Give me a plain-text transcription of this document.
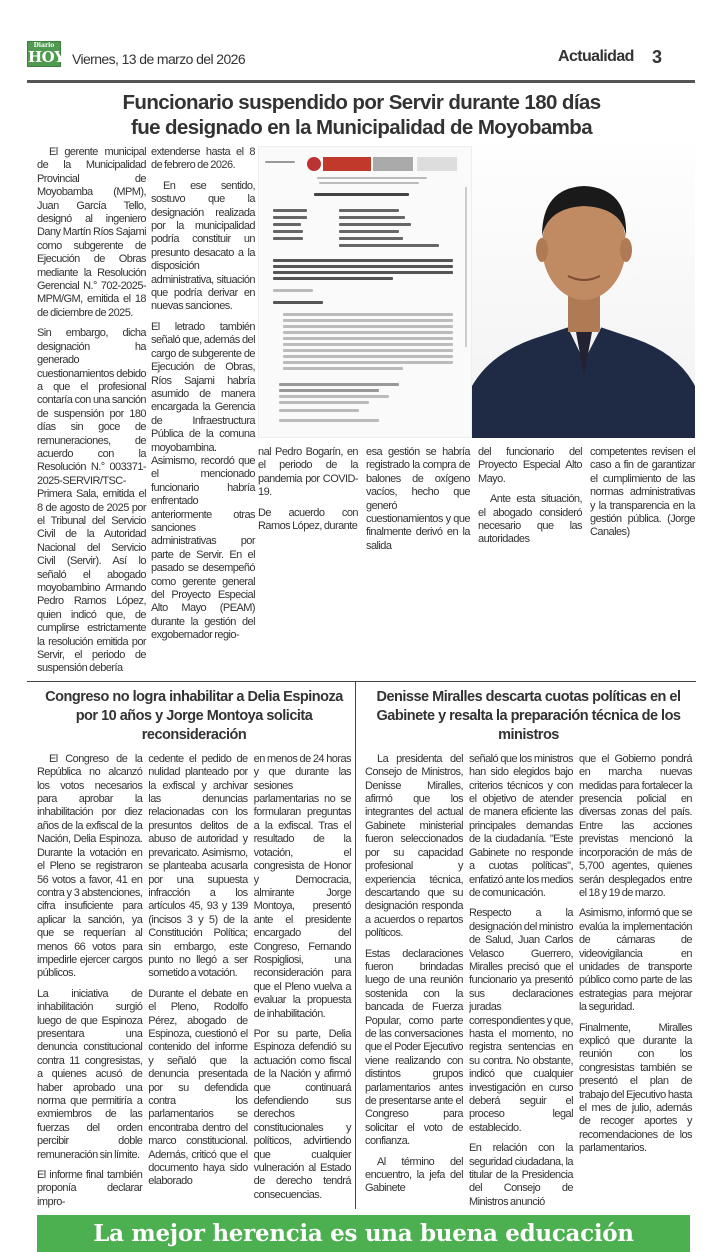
Diario
HOY Viernes, 13 de marzo del 2026	Actualidad 3
Funcionario suspendido por Servir durante 180 días
fue designado en la Municipalidad de Moyobamba

El gerente municipal de la Municipalidad Provincial de Moyobamba (MPM), Juan García Tello, designó al ingeniero Dany Martín Ríos Sajami como subgerente de Ejecución de Obras mediante la Resolución Gerencial N.° 702-2025-MPM/GM, emitida el 18 de diciembre de 2025.

Sin embargo, dicha designación ha generado cuestionamientos debido a que el profesional contaría con una sanción de suspensión por 180 días sin goce de remuneraciones, de acuerdo con la Resolución N.° 003371-2025-SERVIR/TSC-Primera Sala, emitida el 8 de agosto de 2025 por el Tribunal del Servicio Civil de la Autoridad Nacional del Servicio Civil (Servir). Así lo señaló el abogado moyobambino Armando Pedro Ramos López, quien indicó que, de cumplirse estrictamente la resolución emitida por Servir, el periodo de suspensión debería

extenderse hasta el 8 de febrero de 2026.

En ese sentido, sostuvo que la designación realizada por la municipalidad podría constituir un presunto desacato a la disposición administrativa, situación que podría derivar en nuevas sanciones.

El letrado también señaló que, además del cargo de subgerente de Ejecución de Obras, Ríos Sajami habría asumido de manera encargada la Gerencia de Infraestructura Pública de la comuna moyobambina. Asimismo, recordó que el mencionado funcionario habría enfrentado anteriormente otras sanciones administrativas por parte de Servir. En el pasado se desempeñó como gerente general del Proyecto Especial Alto Mayo (PEAM) durante la gestión del exgobernador regio-

nal Pedro Bogarín, en el periodo de la pandemia por COVID-19.

De acuerdo con Ramos López, durante

esa gestión se habría registrado la compra de balones de oxígeno vacíos, hecho que generó cuestionamientos y que finalmente derivó en la salida

del funcionario del Proyecto Especial Alto Mayo.

Ante esta situación, el abogado consideró necesario que las autoridades

competentes revisen el caso a fin de garantizar el cumplimiento de las normas administrativas y la transparencia en la gestión pública. (Jorge Canales)

Congreso no logra inhabilitar a Delia Espinoza
por 10 años y Jorge Montoya solicita reconsideración

El Congreso de la República no alcanzó los votos necesarios para aprobar la inhabilitación por diez años de la exfiscal de la Nación, Delia Espinoza. Durante la votación en el Pleno se registraron 56 votos a favor, 41 en contra y 3 abstenciones, cifra insuficiente para aplicar la sanción, ya que se requerían al menos 66 votos para impedirle ejercer cargos públicos.

La iniciativa de inhabilitación surgió luego de que Espinoza presentara una denuncia constitucional contra 11 congresistas, a quienes acusó de haber aprobado una norma que permitiría a exmiembros de las fuerzas del orden percibir doble remuneración sin límite.

El informe final también proponía declarar impro-

cedente el pedido de nulidad planteado por la exfiscal y archivar las denuncias relacionadas con los presuntos delitos de abuso de autoridad y prevaricato. Asimismo, se planteaba acusarla por una supuesta infracción a los artículos 45, 93 y 139 (incisos 3 y 5) de la Constitución Política; sin embargo, este punto no llegó a ser sometido a votación.

Durante el debate en el Pleno, Rodolfo Pérez, abogado de Espinoza, cuestionó el contenido del informe y señaló que la denuncia presentada por su defendida contra los parlamentarios se encontraba dentro del marco constitucional. Además, criticó que el documento haya sido elaborado

en menos de 24 horas y que durante las sesiones parlamentarias no se formularan preguntas a la exfiscal. Tras el resultado de la votación, el congresista de Honor y Democracia, almirante Jorge Montoya, presentó ante el presidente encargado del Congreso, Fernando Rospigliosi, una reconsideración para que el Pleno vuelva a evaluar la propuesta de inhabilitación.

Por su parte, Delia Espinoza defendió su actuación como fiscal de la Nación y afirmó que continuará defendiendo sus derechos constitucionales y políticos, advirtiendo que cualquier vulneración al Estado de derecho tendrá consecuencias.

Denisse Miralles descarta cuotas políticas en el
Gabinete y resalta la preparación técnica de los ministros

La presidenta del Consejo de Ministros, Denisse Miralles, afirmó que los integrantes del actual Gabinete ministerial fueron seleccionados por su capacidad profesional y experiencia técnica, descartando que su designación responda a acuerdos o repartos políticos.

Estas declaraciones fueron brindadas luego de una reunión sostenida con la bancada de Fuerza Popular, como parte de las conversaciones que el Poder Ejecutivo viene realizando con distintos grupos parlamentarios antes de presentarse ante el Congreso para solicitar el voto de confianza.

Al término del encuentro, la jefa del Gabinete

señaló que los ministros han sido elegidos bajo criterios técnicos y con el objetivo de atender de manera eficiente las principales demandas de la ciudadanía. "Este Gabinete no responde a cuotas políticas", enfatizó ante los medios de comunicación.

Respecto a la designación del ministro de Salud, Juan Carlos Velasco Guerrero, Miralles precisó que el funcionario ya presentó sus declaraciones juradas correspondientes y que, hasta el momento, no registra sentencias en su contra. No obstante, indicó que cualquier investigación en curso deberá seguir el proceso legal establecido.

En relación con la seguridad ciudadana, la titular de la Presidencia del Consejo de Ministros anunció

que el Gobierno pondrá en marcha nuevas medidas para fortalecer la presencia policial en diversas zonas del país. Entre las acciones previstas mencionó la incorporación de más de 5,700 agentes, quienes serán desplegados entre el 18 y 19 de marzo.

Asimismo, informó que se evalúa la implementación de cámaras de videovigilancia en unidades de transporte público como parte de las estrategias para mejorar la seguridad.

Finalmente, Miralles explicó que durante la reunión con los congresistas también se presentó el plan de trabajo del Ejecutivo hasta el mes de julio, además de recoger aportes y recomendaciones de los parlamentarios.

La mejor herencia es una buena educación
